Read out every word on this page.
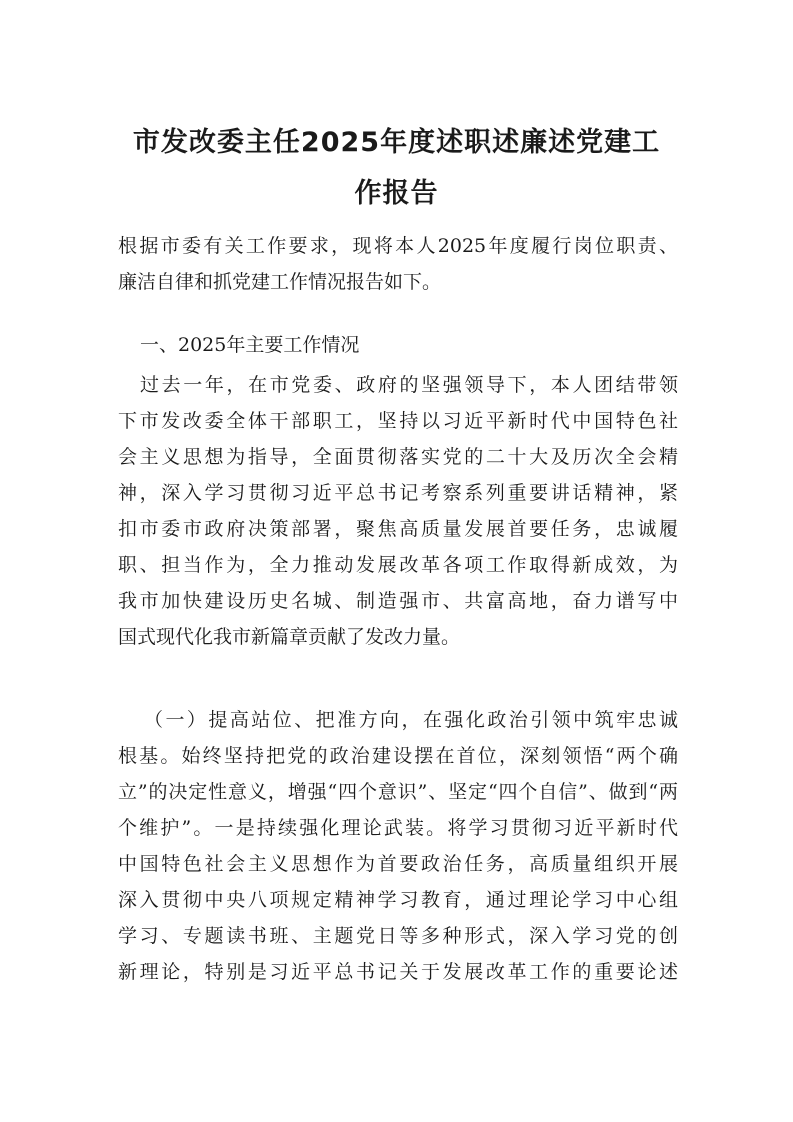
市发改委主任2025年度述职述廉述党建工
作报告
根据市委有关工作要求，现将本人2025年度履行岗位职责、
廉洁自律和抓党建工作情况报告如下。
一、2025年主要工作情况
过去一年，在市党委、政府的坚强领导下，本人团结带领
下市发改委全体干部职工，坚持以习近平新时代中国特色社
会主义思想为指导，全面贯彻落实党的二十大及历次全会精
神，深入学习贯彻习近平总书记考察系列重要讲话精神，紧
扣市委市政府决策部署，聚焦高质量发展首要任务，忠诚履
职、担当作为，全力推动发展改革各项工作取得新成效，为
我市加快建设历史名城、制造强市、共富高地，奋力谱写中
国式现代化我市新篇章贡献了发改力量。
（一）提高站位、把准方向，在强化政治引领中筑牢忠诚
根基。始终坚持把党的政治建设摆在首位，深刻领悟“两个确
立”的决定性意义，增强“四个意识”、坚定“四个自信”、做到“两
个维护”。一是持续强化理论武装。将学习贯彻习近平新时代
中国特色社会主义思想作为首要政治任务，高质量组织开展
深入贯彻中央八项规定精神学习教育，通过理论学习中心组
学习、专题读书班、主题党日等多种形式，深入学习党的创
新理论，特别是习近平总书记关于发展改革工作的重要论述
